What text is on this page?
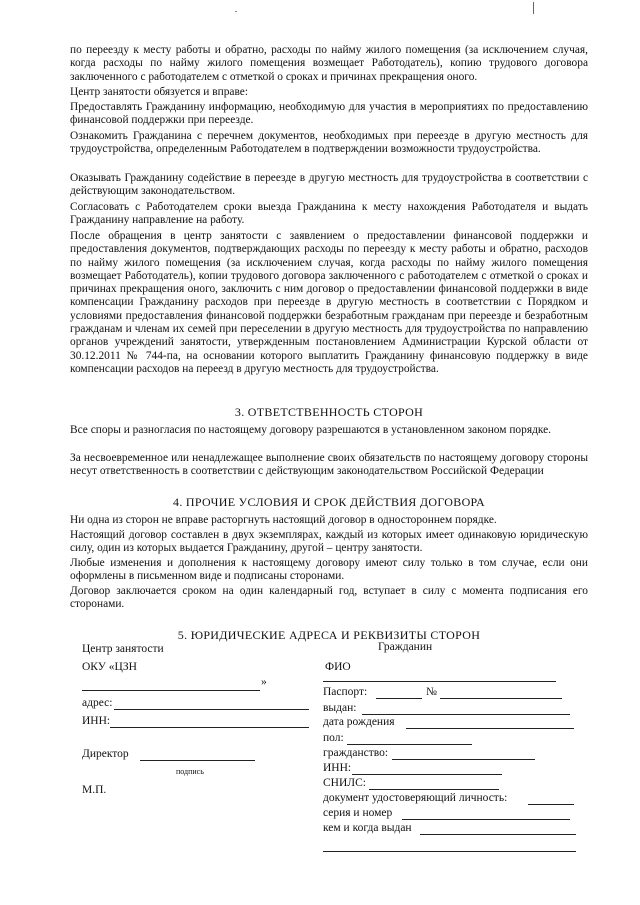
по переезду к месту работы и обратно, расходы по найму жилого помещения (за исключением случая, когда расходы по найму жилого помещения возмещает Работодатель), копию трудового договора заключенного с работодателем с отметкой о сроках и причинах прекращения оного.
Центр занятости обязуется и вправе:
Предоставлять Гражданину информацию, необходимую для участия в мероприятиях по предоставлению финансовой поддержки при переезде.
Ознакомить Гражданина с перечнем документов, необходимых при переезде в другую местность для трудоустройства, определенным Работодателем в подтверждении возможности трудоустройства.
Оказывать Гражданину содействие в переезде в другую местность для трудоустройства в соответствии с действующим законодательством.
Согласовать с Работодателем сроки выезда Гражданина к месту нахождения Работодателя и выдать Гражданину направление на работу.
После обращения в центр занятости с заявлением о предоставлении финансовой поддержки и предоставления документов, подтверждающих расходы по переезду к месту работы и обратно, расходов по найму жилого помещения (за исключением случая, когда расходы по найму жилого помещения возмещает Работодатель), копии трудового договора заключенного с работодателем с отметкой о сроках и причинах прекращения оного, заключить с ним договор о предоставлении финансовой поддержки в виде компенсации Гражданину расходов при переезде в другую местность в соответствии с Порядком и условиями предоставления финансовой поддержки безработным гражданам при переезде и безработным гражданам и членам их семей при переселении в другую местность для трудоустройства по направлению органов учреждений занятости, утвержденным постановлением Администрации Курской области от 30.12.2011 № 744-па, на основании которого выплатить Гражданину финансовую поддержку в виде компенсации расходов на переезд в другую местность для трудоустройства.
3. ОТВЕТСТВЕННОСТЬ СТОРОН
Все споры и разногласия по настоящему договору разрешаются в установленном законом порядке.
За несвоевременное или ненадлежащее выполнение своих обязательств по настоящему договору стороны несут ответственность в соответствии с действующим законодательством Российской Федерации
4. ПРОЧИЕ УСЛОВИЯ И СРОК ДЕЙСТВИЯ ДОГОВОРА
Ни одна из сторон не вправе расторгнуть настоящий договор в одностороннем порядке.
Настоящий договор составлен в двух экземплярах, каждый из которых имеет одинаковую юридическую силу, один из которых выдается Гражданину, другой – центру занятости.
Любые изменения и дополнения к настоящему договору имеют силу только в том случае, если они оформлены в письменном виде и подписаны сторонами.
Договор заключается сроком на один календарный год, вступает в силу с момента подписания его сторонами.
5. ЮРИДИЧЕСКИЕ АДРЕСА И РЕКВИЗИТЫ СТОРОН
Центр занятости
ОКУ «ЦЗН
»
адрес:
ИНН:
Директор
подпись
М.П.
Гражданин
ФИО
Паспорт:	№
выдан:
дата рождения
пол:
гражданство:
ИНН:
СНИЛС:
документ удостоверяющий личность:
серия и номер
кем и когда выдан
